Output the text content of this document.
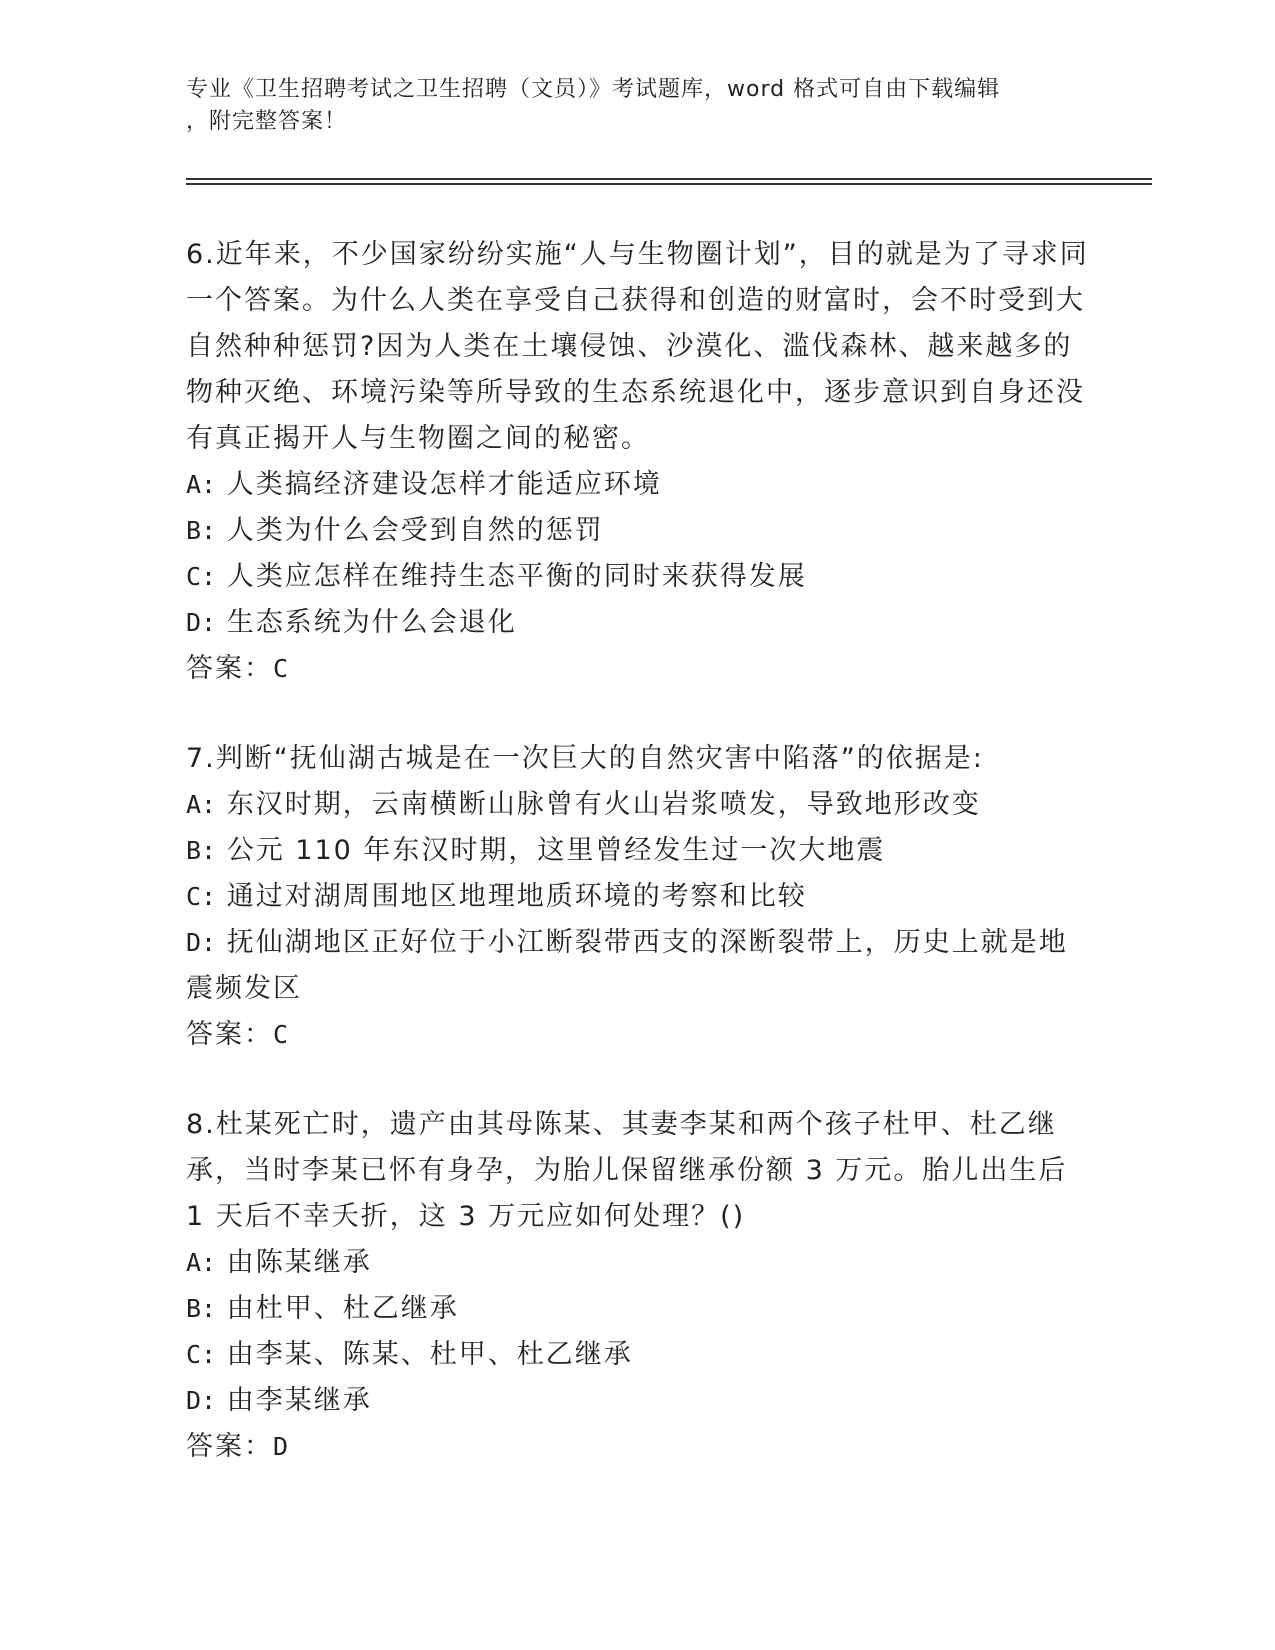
专业《卫生招聘考试之卫生招聘（文员）》考试题库，word 格式可自由下载编辑
，附完整答案！

6.近年来，不少国家纷纷实施“人与生物圈计划”，目的就是为了寻求同一个答案。为什么人类在享受自己获得和创造的财富时，会不时受到大自然种种惩罚?因为人类在土壤侵蚀、沙漠化、滥伐森林、越来越多的物种灭绝、环境污染等所导致的生态系统退化中，逐步意识到自身还没有真正揭开人与生物圈之间的秘密。

A: 人类搞经济建设怎样才能适应环境

B: 人类为什么会受到自然的惩罚

C: 人类应怎样在维持生态平衡的同时来获得发展

D: 生态系统为什么会退化

答案：C

7.判断“抚仙湖古城是在一次巨大的自然灾害中陷落”的依据是:

A: 东汉时期，云南横断山脉曾有火山岩浆喷发，导致地形改变

B: 公元 110 年东汉时期，这里曾经发生过一次大地震

C: 通过对湖周围地区地理地质环境的考察和比较

D: 抚仙湖地区正好位于小江断裂带西支的深断裂带上，历史上就是地震频发区

答案：C

8.杜某死亡时，遗产由其母陈某、其妻李某和两个孩子杜甲、杜乙继承，当时李某已怀有身孕，为胎儿保留继承份额 3 万元。胎儿出生后 1 天后不幸夭折，这 3 万元应如何处理？()

A: 由陈某继承

B: 由杜甲、杜乙继承

C: 由李某、陈某、杜甲、杜乙继承

D: 由李某继承

答案：D
